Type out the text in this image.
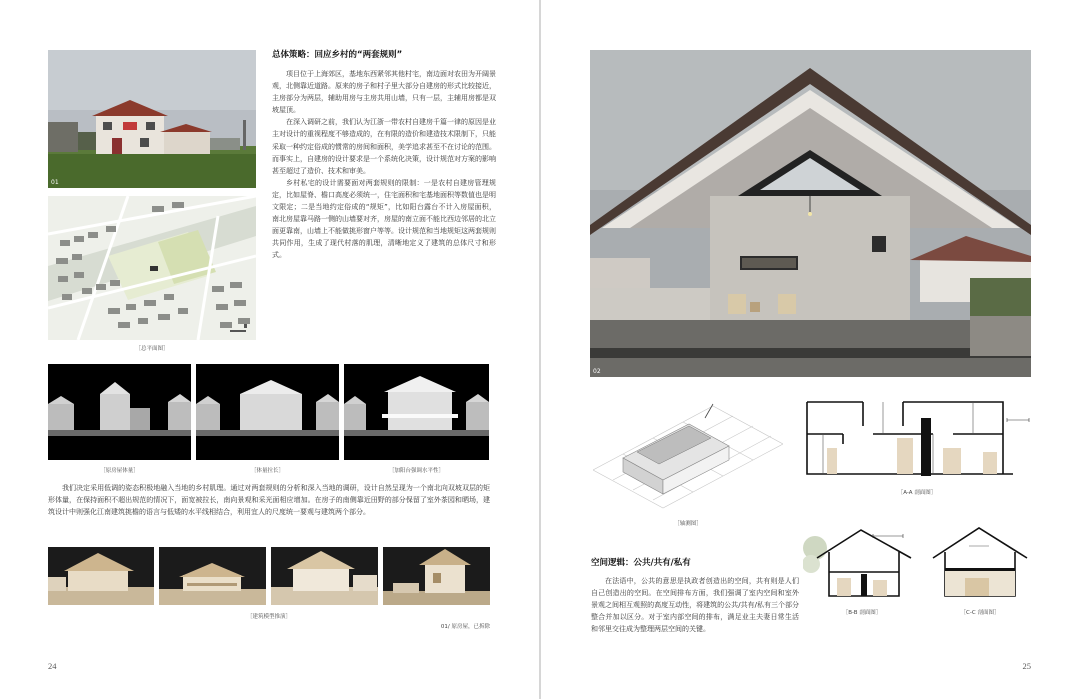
01
［总平面图］
总体策略：回应乡村的“两套规则”

项目位于上海郊区，基地东西紧邻其他村宅，南边面对农田为开阔景观，北侧靠近道路。原来的房子和村子里大部分自建房的形式比较接近，主房部分为两层，辅助用房与主房共用山墙，只有一层，主辅用房都是双坡屋顶。

在深入调研之前，我们认为江浙一带农村自建房千篇一律的原因是业主对设计的重视程度不够造成的，在有限的造价和建造技术限制下，只能采取一种约定俗成的惯常的房间和面积，美学追求甚至不在讨论的范围。而事实上，自建房的设计要求是一个系统化决策，设计规范对方案的影响甚至超过了造价、技术和审美。

乡村私宅的设计需要面对两套规则的限制：一是农村自建房管理规定，比如屋脊、檐口高度必须统一，住宅面积和宅基地面积等数值也是明文限定；二是当地约定俗成的“规矩”，比如阳台露台不计入房屋面积，南北房屋靠马路一侧的山墙要对齐，房屋的南立面不能比西边邻居的北立面更靠南，山墙上不能做挑形窗户等等。设计规范和当地规矩这两套规则共同作用，生成了现代村落的肌理，清晰地定义了建筑的总体尺寸和形式。

［原房屋体量］	［体量拉长］	［加阳台强调水平性］

我们决定采用低调的姿态积极地融入当地的乡村肌理。通过对两套规则的分析和深入当地的调研，设计自然呈现为一个南北向双坡双层的矩形体量，在保持面积不超出规范的情况下，面宽被拉长，南向景观和采光面相应增加。在房子的南侧靠近田野的部分保留了室外茶园和晒场，建筑设计中则强化江南建筑挑檐的语言与低矮的水平线相结合，利用宜人的尺度统一要观与建筑两个部分。

［建筑模型推演］
01/ 原房屋，已拆除
24
02
［轴测图］
［A-A 剖面图］
［B-B 剖面图］	［C-C 剖面图］
空间逻辑：公共/共有/私有

在法语中，公共的意思是执政者创造出的空间，共有则是人们自己创造出的空间。在空间排布方面，我们强调了室内空间和室外景观之间相互观照的高度互动性，将建筑的公共/共有/私有三个部分整合并加以区分。对于室内部空间的排布，满足业主夫妻日常生活和邻里交往成为整理两层空间的关键。

25
